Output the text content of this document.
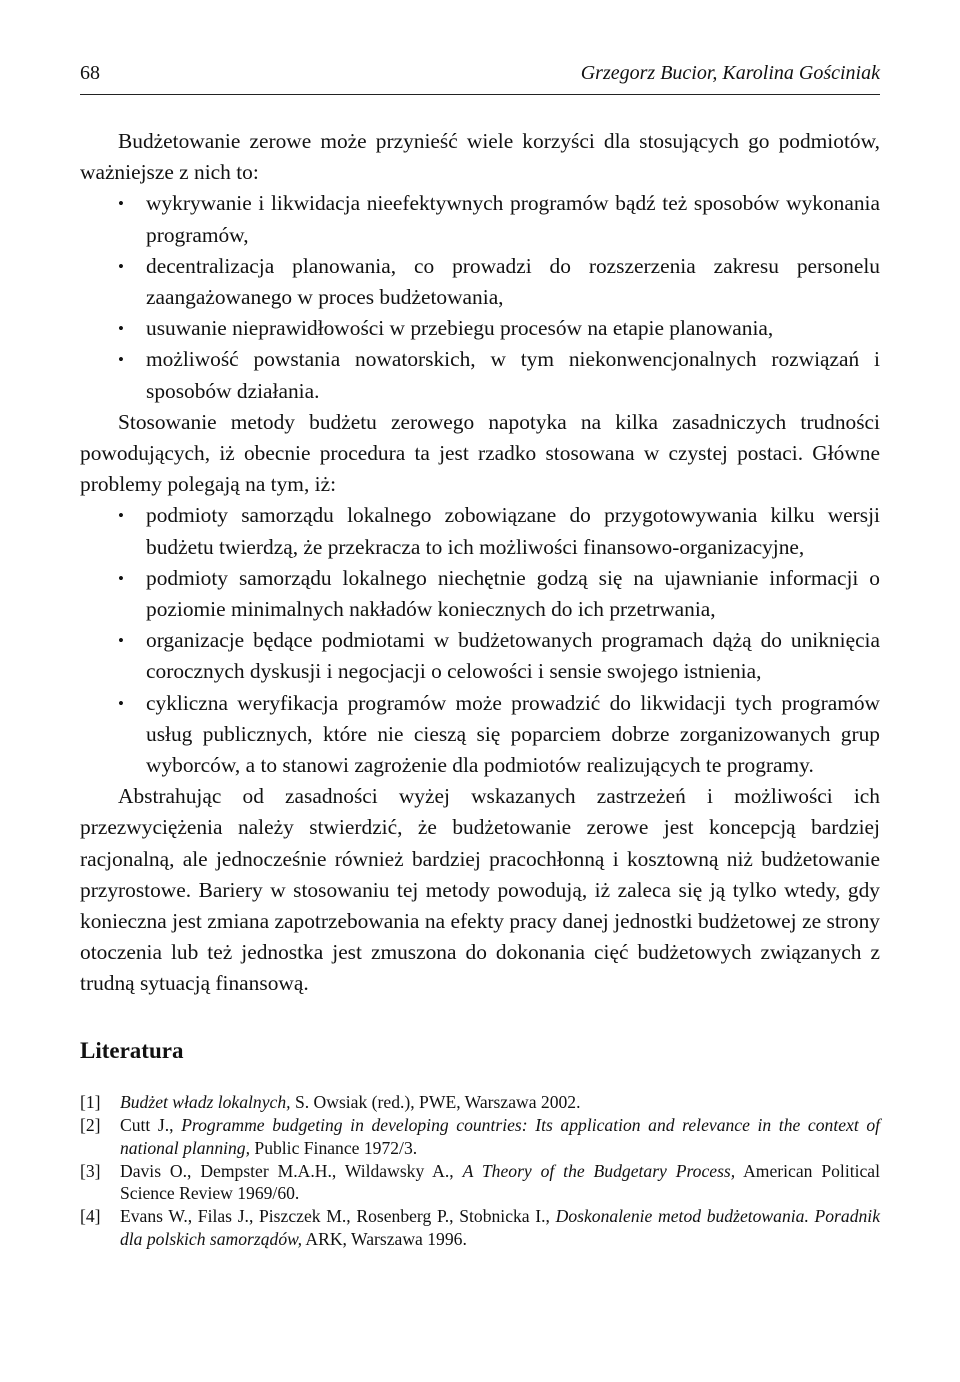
68	Grzegorz Bucior, Karolina Gościniak

Budżetowanie zerowe może przynieść wiele korzyści dla stosujących go podmiotów, ważniejsze z nich to:

• wykrywanie i likwidacja nieefektywnych programów bądź też sposobów wykonania programów,
• decentralizacja planowania, co prowadzi do rozszerzenia zakresu personelu zaangażowanego w proces budżetowania,
• usuwanie nieprawidłowości w przebiegu procesów na etapie planowania,
• możliwość powstania nowatorskich, w tym niekonwencjonalnych rozwiązań i sposobów działania.

Stosowanie metody budżetu zerowego napotyka na kilka zasadniczych trudności powodujących, iż obecnie procedura ta jest rzadko stosowana w czystej postaci. Główne problemy polegają na tym, iż:

• podmioty samorządu lokalnego zobowiązane do przygotowywania kilku wersji budżetu twierdzą, że przekracza to ich możliwości finansowo-organizacyjne,
• podmioty samorządu lokalnego niechętnie godzą się na ujawnianie informacji o poziomie minimalnych nakładów koniecznych do ich przetrwania,
• organizacje będące podmiotami w budżetowanych programach dążą do uniknięcia corocznych dyskusji i negocjacji o celowości i sensie swojego istnienia,
• cykliczna weryfikacja programów może prowadzić do likwidacji tych programów usług publicznych, które nie cieszą się poparciem dobrze zorganizowanych grup wyborców, a to stanowi zagrożenie dla podmiotów realizujących te programy.

Abstrahując od zasadności wyżej wskazanych zastrzeżeń i możliwości ich przezwyciężenia należy stwierdzić, że budżetowanie zerowe jest koncepcją bardziej racjonalną, ale jednocześnie również bardziej pracochłonną i kosztowną niż budżetowanie przyrostowe. Bariery w stosowaniu tej metody powodują, iż zaleca się ją tylko wtedy, gdy konieczna jest zmiana zapotrzebowania na efekty pracy danej jednostki budżetowej ze strony otoczenia lub też jednostka jest zmuszona do dokonania cięć budżetowych związanych z trudną sytuacją finansową.

Literatura
[1] Budżet władz lokalnych, S. Owsiak (red.), PWE, Warszawa 2002.
[2] Cutt J., Programme budgeting in developing countries: Its application and relevance in the context of national planning, Public Finance 1972/3.
[3] Davis O., Dempster M.A.H., Wildawsky A., A Theory of the Budgetary Process, American Political Science Review 1969/60.
[4] Evans W., Filas J., Piszczek M., Rosenberg P., Stobnicka I., Doskonalenie metod budżetowania. Poradnik dla polskich samorządów, ARK, Warszawa 1996.
